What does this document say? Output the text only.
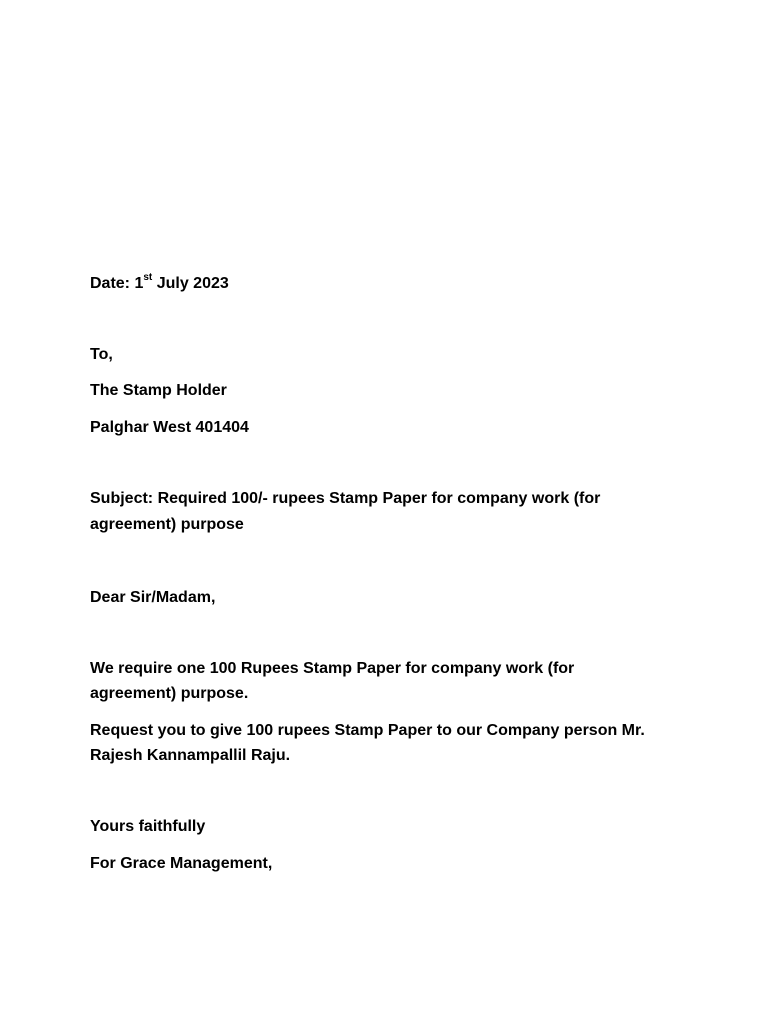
Date: 1st July 2023
To,
The Stamp Holder
Palghar West 401404
Subject: Required 100/- rupees Stamp Paper for company work (for
agreement) purpose
Dear Sir/Madam,
We require one 100 Rupees Stamp Paper for company work (for
agreement) purpose.
Request you to give 100 rupees Stamp Paper to our Company person Mr.
Rajesh Kannampallil Raju.
Yours faithfully
For Grace Management,
